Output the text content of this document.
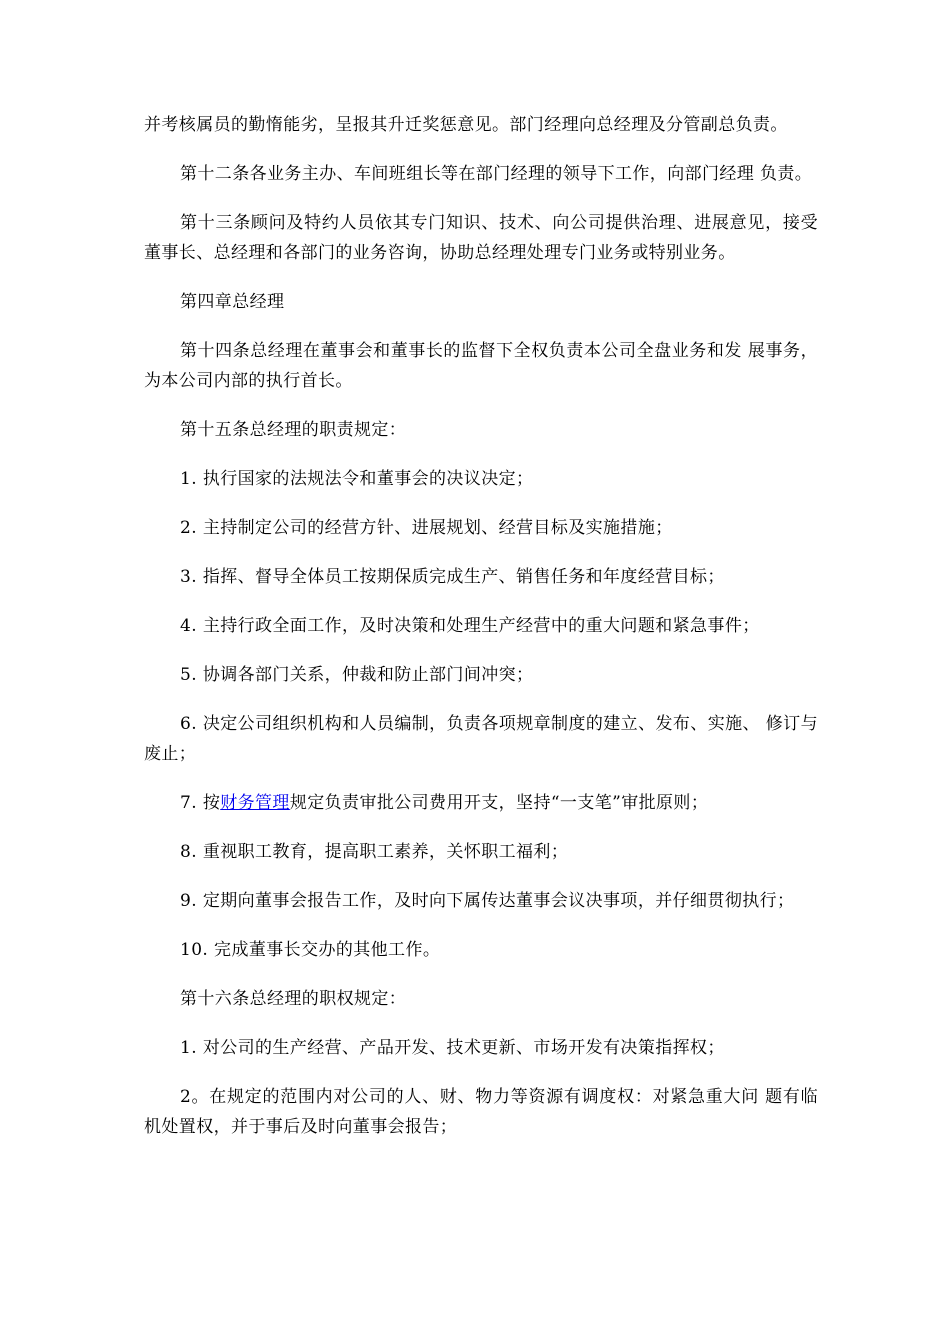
并考核属员的勤惰能劣，呈报其升迁奖惩意见。部门经理向总经理及分管副总负责。

第十二条各业务主办、车间班组长等在部门经理的领导下工作，向部门经理 负责。

第十三条顾问及特约人员依其专门知识、技术、向公司提供治理、进展意见，接受董事长、总经理和各部门的业务咨询，协助总经理处理专门业务或特别业务。

第四章总经理

第十四条总经理在董事会和董事长的监督下全权负责本公司全盘业务和发 展事务，为本公司内部的执行首长。

第十五条总经理的职责规定：

1. 执行国家的法规法令和董事会的决议决定；

2. 主持制定公司的经营方针、进展规划、经营目标及实施措施；

3. 指挥、督导全体员工按期保质完成生产、销售任务和年度经营目标；

4. 主持行政全面工作，及时决策和处理生产经营中的重大问题和紧急事件；

5. 协调各部门关系，仲裁和防止部门间冲突；

6. 决定公司组织机构和人员编制，负责各项规章制度的建立、发布、实施、 修订与废止；

7. 按财务管理规定负责审批公司费用开支，坚持“一支笔”审批原则；

8. 重视职工教育，提高职工素养，关怀职工福利；

9. 定期向董事会报告工作，及时向下属传达董事会议决事项，并仔细贯彻执行；

10. 完成董事长交办的其他工作。

第十六条总经理的职权规定：

1. 对公司的生产经营、产品开发、技术更新、市场开发有决策指挥权；

2。在规定的范围内对公司的人、财、物力等资源有调度权：对紧急重大问 题有临机处置权，并于事后及时向董事会报告；
